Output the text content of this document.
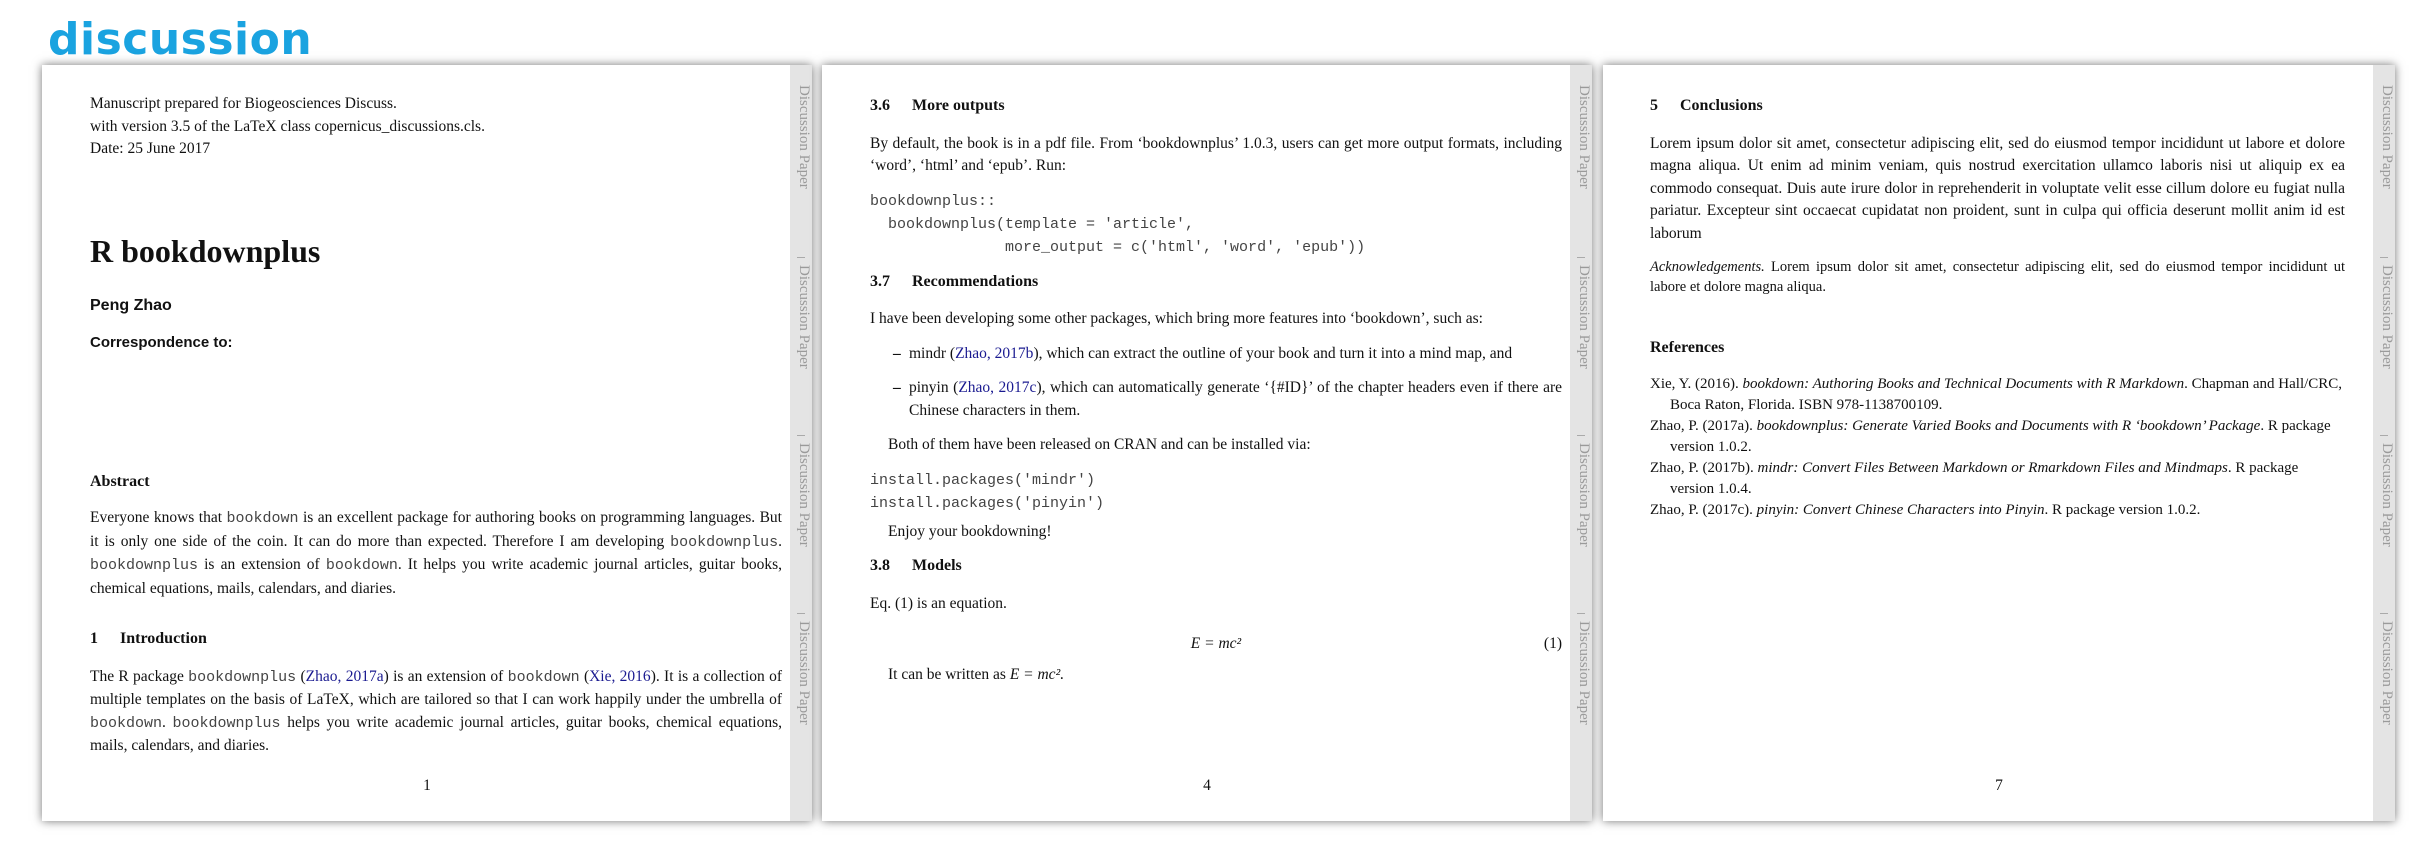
discussion

Manuscript prepared for Biogeosciences Discuss.

with version 3.5 of the LaTeX class copernicus_discussions.cls.

Date: 25 June 2017

R bookdownplus
Peng Zhao
Correspondence to:
Abstract

Everyone knows that bookdown is an excellent package for authoring books on programming languages. But it is only one side of the coin. It can do more than expected. Therefore I am developing bookdownplus. bookdownplus is an extension of bookdown. It helps you write academic journal articles, guitar books, chemical equations, mails, calendars, and diaries.

1 Introduction

The R package bookdownplus (Zhao, 2017a) is an extension of bookdown (Xie, 2016). It is a collection of multiple templates on the basis of LaTeX, which are tailored so that I can work happily under the umbrella of bookdown. bookdownplus helps you write academic journal articles, guitar books, chemical equations, mails, calendars, and diaries.

1
Discussion Paper
Discussion Paper
Discussion Paper
Discussion Paper
3.6 More outputs

By default, the book is in a pdf file. From ‘bookdownplus’ 1.0.3, users can get more output formats, including ‘word’, ‘html’ and ‘epub’. Run:

bookdownplus::
bookdownplus(template = 'article',
more_output = c('html', 'word', 'epub'))
3.7 Recommendations

I have been developing some other packages, which bring more features into ‘bookdown’, such as:

– mindr (Zhao, 2017b), which can extract the outline of your book and turn it into a mind map, and
– pinyin (Zhao, 2017c), which can automatically generate ‘{#ID}’ of the chapter headers even if there are Chinese characters in them.

Both of them have been released on CRAN and can be installed via:

install.packages('mindr')
install.packages('pinyin')

Enjoy your bookdowning!

3.8 Models

Eq. (1) is an equation.

E = mc²	(1)

It can be written as E = mc².

4
Discussion Paper
Discussion Paper
Discussion Paper
Discussion Paper
5 Conclusions

Lorem ipsum dolor sit amet, consectetur adipiscing elit, sed do eiusmod tempor incididunt ut labore et dolore magna aliqua. Ut enim ad minim veniam, quis nostrud exercitation ullamco laboris nisi ut aliquip ex ea commodo consequat. Duis aute irure dolor in reprehenderit in voluptate velit esse cillum dolore eu fugiat nulla pariatur. Excepteur sint occaecat cupidatat non proident, sunt in culpa qui officia deserunt mollit anim id est laborum

Acknowledgements. Lorem ipsum dolor sit amet, consectetur adipiscing elit, sed do eiusmod tempor incididunt ut labore et dolore magna aliqua.

References

Xie, Y. (2016). bookdown: Authoring Books and Technical Documents with R Markdown. Chapman and Hall/CRC, Boca Raton, Florida. ISBN 978-1138700109.

Zhao, P. (2017a). bookdownplus: Generate Varied Books and Documents with R ‘bookdown’ Package. R package version 1.0.2.

Zhao, P. (2017b). mindr: Convert Files Between Markdown or Rmarkdown Files and Mindmaps. R package version 1.0.4.

Zhao, P. (2017c). pinyin: Convert Chinese Characters into Pinyin. R package version 1.0.2.

7
Discussion Paper
Discussion Paper
Discussion Paper
Discussion Paper
